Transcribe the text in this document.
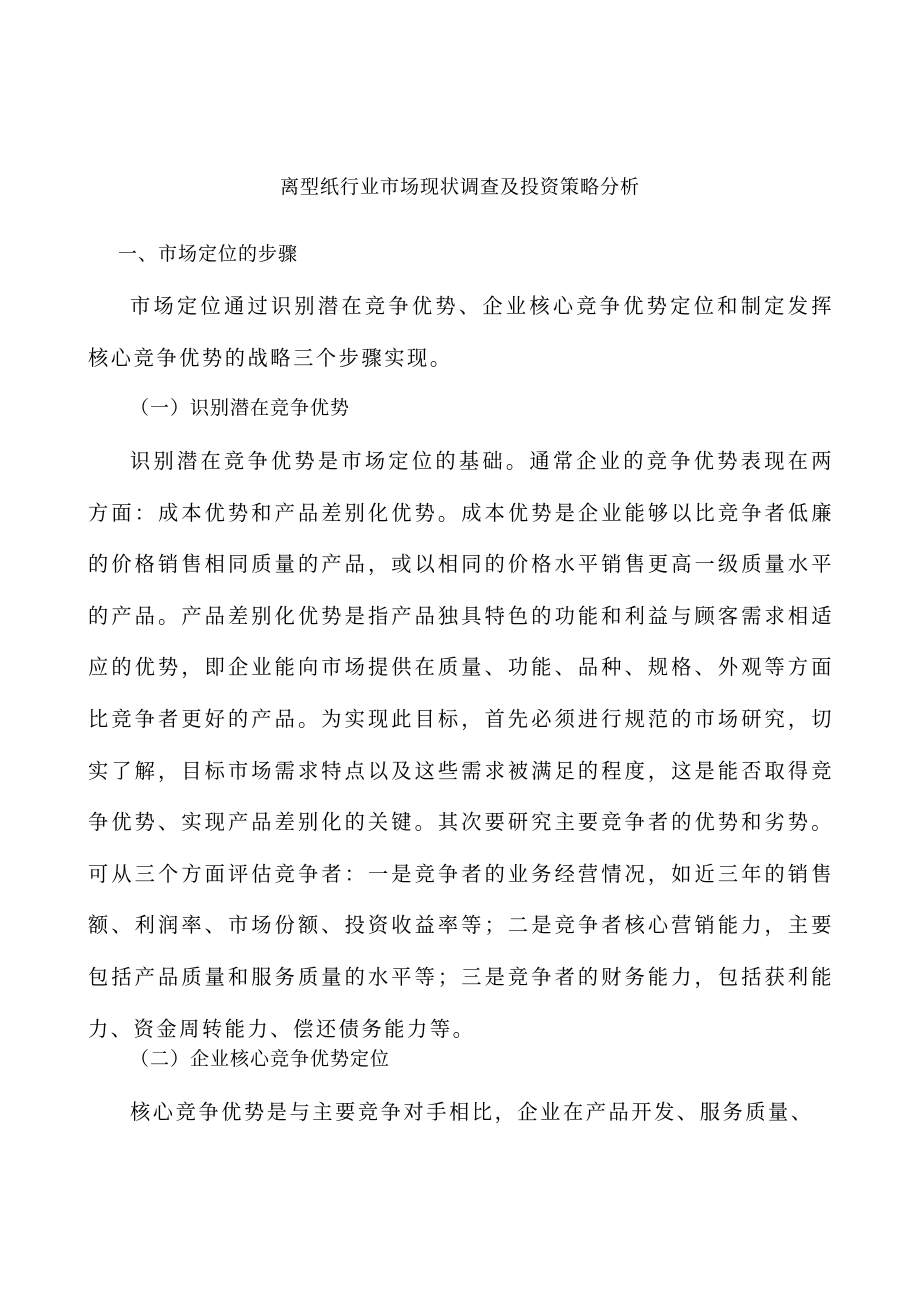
离型纸行业市场现状调查及投资策略分析
一、市场定位的步骤

市场定位通过识别潜在竞争优势、企业核心竞争优势定位和制定发挥核心竞争优势的战略三个步骤实现。

（一）识别潜在竞争优势

识别潜在竞争优势是市场定位的基础。通常企业的竞争优势表现在两方面：成本优势和产品差别化优势。成本优势是企业能够以比竞争者低廉的价格销售相同质量的产品，或以相同的价格水平销售更高一级质量水平的产品。产品差别化优势是指产品独具特色的功能和利益与顾客需求相适应的优势，即企业能向市场提供在质量、功能、品种、规格、外观等方面比竞争者更好的产品。为实现此目标，首先必须进行规范的市场研究，切实了解，目标市场需求特点以及这些需求被满足的程度，这是能否取得竞争优势、实现产品差别化的关键。其次要研究主要竞争者的优势和劣势。可从三个方面评估竞争者：一是竞争者的业务经营情况，如近三年的销售额、利润率、市场份额、投资收益率等；二是竞争者核心营销能力，主要包括产品质量和服务质量的水平等；三是竞争者的财务能力，包括获利能力、资金周转能力、偿还债务能力等。

（二）企业核心竞争优势定位

核心竞争优势是与主要竞争对手相比，企业在产品开发、服务质量、
